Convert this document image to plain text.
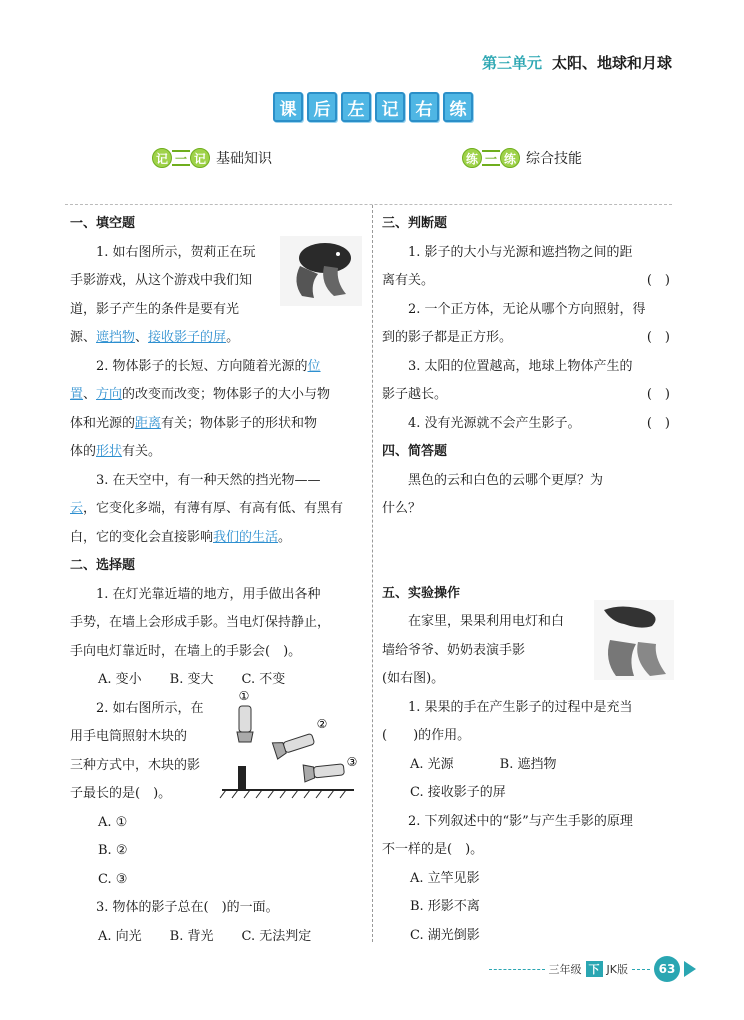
第三单元 太阳、地球和月球
课	后	左	记	右	练
记 一 记 基础知识	练 一 练 综合技能
一、填空题
1. 如右图所示，贺莉正在玩
手影游戏，从这个游戏中我们知
道，影子产生的条件是要有光
源、遮挡物、接收影子的屏。
2. 物体影子的长短、方向随着光源的位
置、方向的改变而改变；物体影子的大小与物
体和光源的距离有关；物体影子的形状和物
体的形状有关。
3. 在天空中，有一种天然的挡光物——
云，它变化多端，有薄有厚、有高有低、有黑有
白，它的变化会直接影响我们的生活。
二、选择题
1. 在灯光靠近墙的地方，用手做出各种
手势，在墙上会形成手影。当电灯保持静止，
手向电灯靠近时，在墙上的手影会(　)。
A. 变小 B. 变大 C. 不变
2. 如右图所示，在
用手电筒照射木块的
三种方式中，木块的影
子最长的是(　)。
A. ①
B. ②
C. ③
3. 物体的影子总在(　)的一面。
A. 向光 B. 背光 C. 无法判定
①
②
③
三、判断题
1. 影子的大小与光源和遮挡物之间的距
离有关。	(　)
2. 一个正方体，无论从哪个方向照射，得
到的影子都是正方形。	(　)
3. 太阳的位置越高，地球上物体产生的
影子越长。	(　)
4. 没有光源就不会产生影子。	(　)
四、简答题
黑色的云和白色的云哪个更厚？为
什么？
五、实验操作
在家里，果果利用电灯和白
墙给爷爷、奶奶表演手影
(如右图)。
1. 果果的手在产生影子的过程中是充当
(　　)的作用。
A. 光源	B. 遮挡物
C. 接收影子的屏
2. 下列叙述中的“影”与产生手影的原理
不一样的是(　)。
A. 立竿见影
B. 形影不离
C. 湖光倒影
三年级 下 JK版	63
